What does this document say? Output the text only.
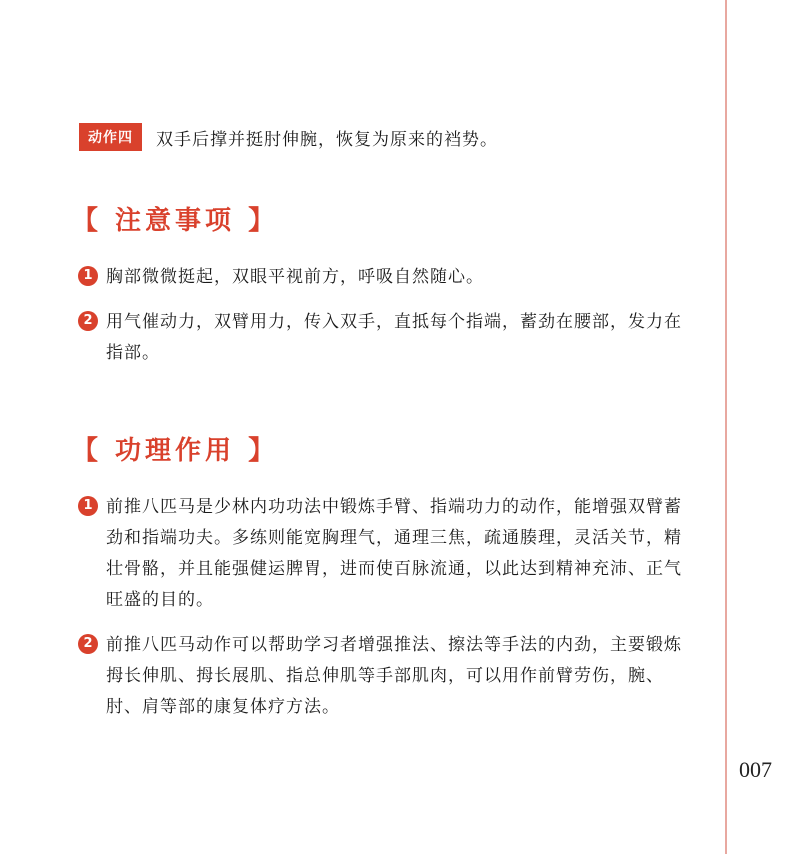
动作四	双手后撑并挺肘伸腕，恢复为原来的裆势。
【 注意事项 】
1 胸部微微挺起，双眼平视前方，呼吸自然随心。
2 用气催动力，双臂用力，传入双手，直抵每个指端，蓄劲在腰部，发力在指部。
【 功理作用 】
1 前推八匹马是少林内功功法中锻炼手臂、指端功力的动作，能增强双臂蓄劲和指端功夫。多练则能宽胸理气，通理三焦，疏通腠理，灵活关节，精壮骨骼，并且能强健运脾胃，进而使百脉流通，以此达到精神充沛、正气旺盛的目的。
2 前推八匹马动作可以帮助学习者增强推法、擦法等手法的内劲，主要锻炼拇长伸肌、拇长展肌、指总伸肌等手部肌肉，可以用作前臂劳伤，腕、肘、肩等部的康复体疗方法。
007
